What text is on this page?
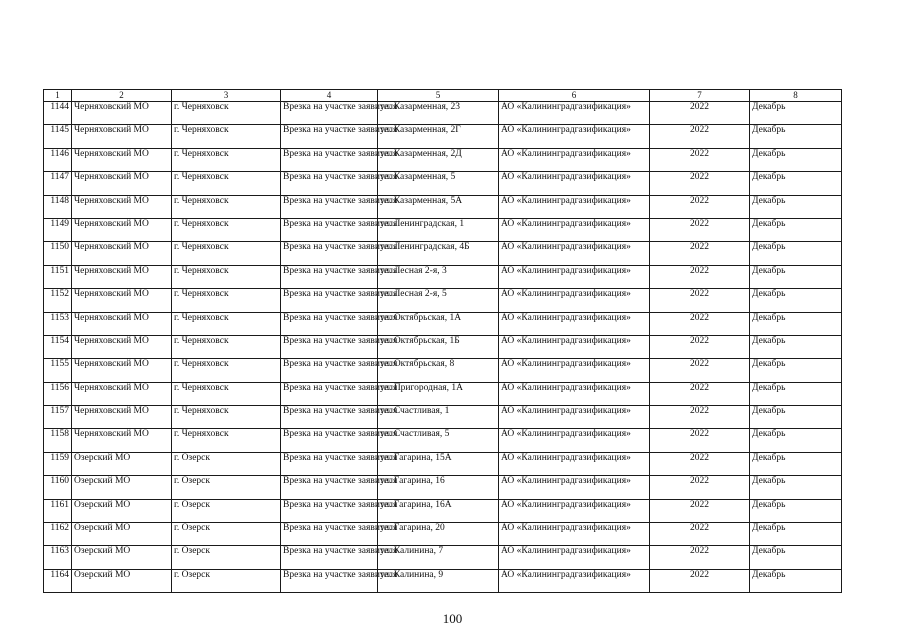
1	2	3	4	5	6	7	8
1144	Черняховский МО	г. Черняховск	Врезка на участке заявителя	ул. Казарменная, 23	АО «Калининградгазификация»	2022	Декабрь
1145	Черняховский МО	г. Черняховск	Врезка на участке заявителя	ул. Казарменная, 2Г	АО «Калининградгазификация»	2022	Декабрь
1146	Черняховский МО	г. Черняховск	Врезка на участке заявителя	ул. Казарменная, 2Д	АО «Калининградгазификация»	2022	Декабрь
1147	Черняховский МО	г. Черняховск	Врезка на участке заявителя	ул. Казарменная, 5	АО «Калининградгазификация»	2022	Декабрь
1148	Черняховский МО	г. Черняховск	Врезка на участке заявителя	ул. Казарменная, 5А	АО «Калининградгазификация»	2022	Декабрь
1149	Черняховский МО	г. Черняховск	Врезка на участке заявителя	ул. Ленинградская, 1	АО «Калининградгазификация»	2022	Декабрь
1150	Черняховский МО	г. Черняховск	Врезка на участке заявителя	ул. Ленинградская, 4Б	АО «Калининградгазификация»	2022	Декабрь
1151	Черняховский МО	г. Черняховск	Врезка на участке заявителя	ул. Лесная 2-я, 3	АО «Калининградгазификация»	2022	Декабрь
1152	Черняховский МО	г. Черняховск	Врезка на участке заявителя	ул. Лесная 2-я, 5	АО «Калининградгазификация»	2022	Декабрь
1153	Черняховский МО	г. Черняховск	Врезка на участке заявителя	ул. Октябрьская, 1А	АО «Калининградгазификация»	2022	Декабрь
1154	Черняховский МО	г. Черняховск	Врезка на участке заявителя	ул. Октябрьская, 1Б	АО «Калининградгазификация»	2022	Декабрь
1155	Черняховский МО	г. Черняховск	Врезка на участке заявителя	ул. Октябрьская, 8	АО «Калининградгазификация»	2022	Декабрь
1156	Черняховский МО	г. Черняховск	Врезка на участке заявителя	ул. Пригородная, 1А	АО «Калининградгазификация»	2022	Декабрь
1157	Черняховский МО	г. Черняховск	Врезка на участке заявителя	ул. Счастливая, 1	АО «Калининградгазификация»	2022	Декабрь
1158	Черняховский МО	г. Черняховск	Врезка на участке заявителя	ул. Счастливая, 5	АО «Калининградгазификация»	2022	Декабрь
1159	Озерский МО	г. Озерск	Врезка на участке заявителя	ул. Гагарина, 15А	АО «Калининградгазификация»	2022	Декабрь
1160	Озерский МО	г. Озерск	Врезка на участке заявителя	ул. Гагарина, 16	АО «Калининградгазификация»	2022	Декабрь
1161	Озерский МО	г. Озерск	Врезка на участке заявителя	ул. Гагарина, 16А	АО «Калининградгазификация»	2022	Декабрь
1162	Озерский МО	г. Озерск	Врезка на участке заявителя	ул. Гагарина, 20	АО «Калининградгазификация»	2022	Декабрь
1163	Озерский МО	г. Озерск	Врезка на участке заявителя	ул. Калинина, 7	АО «Калининградгазификация»	2022	Декабрь
1164	Озерский МО	г. Озерск	Врезка на участке заявителя	ул. Калинина, 9	АО «Калининградгазификация»	2022	Декабрь
100
